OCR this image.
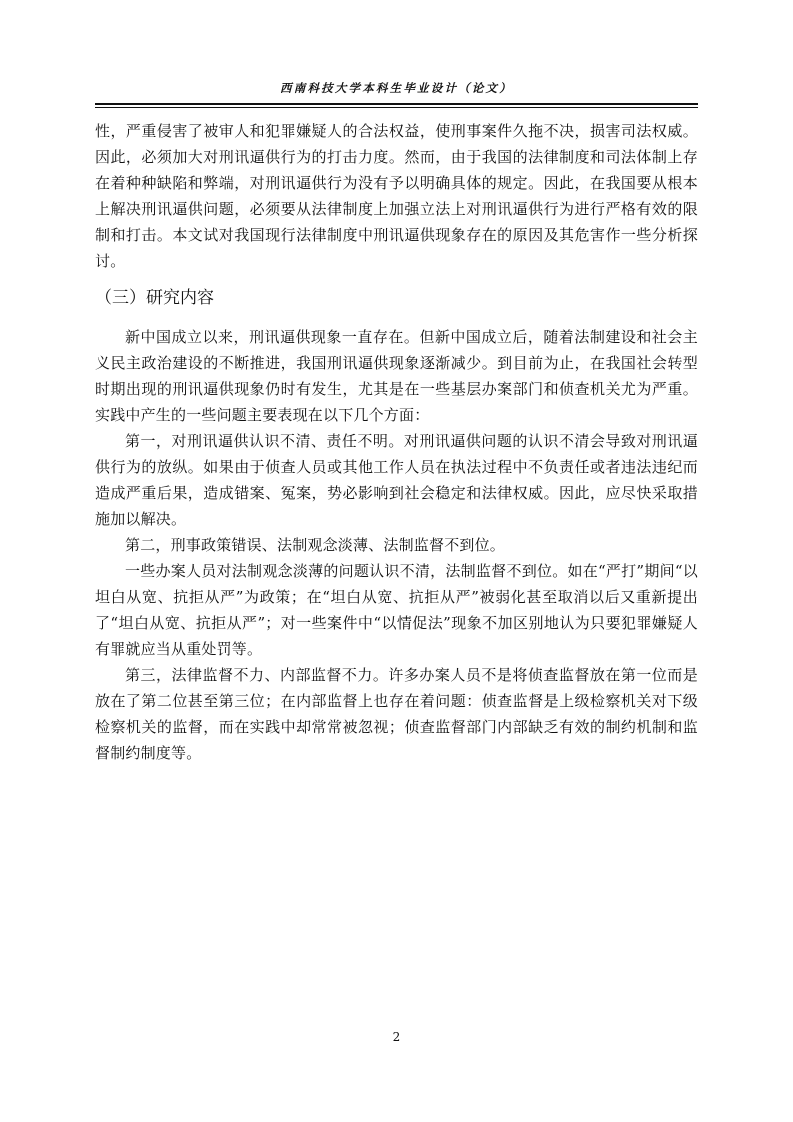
西南科技大学本科生毕业设计（论文）

性，严重侵害了被审人和犯罪嫌疑人的合法权益，使刑事案件久拖不决，损害司法权威。因此，必须加大对刑讯逼供行为的打击力度。然而，由于我国的法律制度和司法体制上存在着种种缺陷和弊端，对刑讯逼供行为没有予以明确具体的规定。因此，在我国要从根本上解决刑讯逼供问题，必须要从法律制度上加强立法上对刑讯逼供行为进行严格有效的限制和打击。本文试对我国现行法律制度中刑讯逼供现象存在的原因及其危害作一些分析探讨。

（三）研究内容

新中国成立以来，刑讯逼供现象一直存在。但新中国成立后，随着法制建设和社会主义民主政治建设的不断推进，我国刑讯逼供现象逐渐减少。到目前为止，在我国社会转型时期出现的刑讯逼供现象仍时有发生，尤其是在一些基层办案部门和侦查机关尤为严重。实践中产生的一些问题主要表现在以下几个方面：

第一，对刑讯逼供认识不清、责任不明。对刑讯逼供问题的认识不清会导致对刑讯逼供行为的放纵。如果由于侦查人员或其他工作人员在执法过程中不负责任或者违法违纪而造成严重后果，造成错案、冤案，势必影响到社会稳定和法律权威。因此，应尽快采取措施加以解决。

第二，刑事政策错误、法制观念淡薄、法制监督不到位。

一些办案人员对法制观念淡薄的问题认识不清，法制监督不到位。如在“严打”期间“以坦白从宽、抗拒从严”为政策；在“坦白从宽、抗拒从严”被弱化甚至取消以后又重新提出了“坦白从宽、抗拒从严”；对一些案件中“以情促法”现象不加区别地认为只要犯罪嫌疑人有罪就应当从重处罚等。

第三，法律监督不力、内部监督不力。许多办案人员不是将侦查监督放在第一位而是放在了第二位甚至第三位；在内部监督上也存在着问题：侦查监督是上级检察机关对下级检察机关的监督，而在实践中却常常被忽视；侦查监督部门内部缺乏有效的制约机制和监督制约制度等。

2
